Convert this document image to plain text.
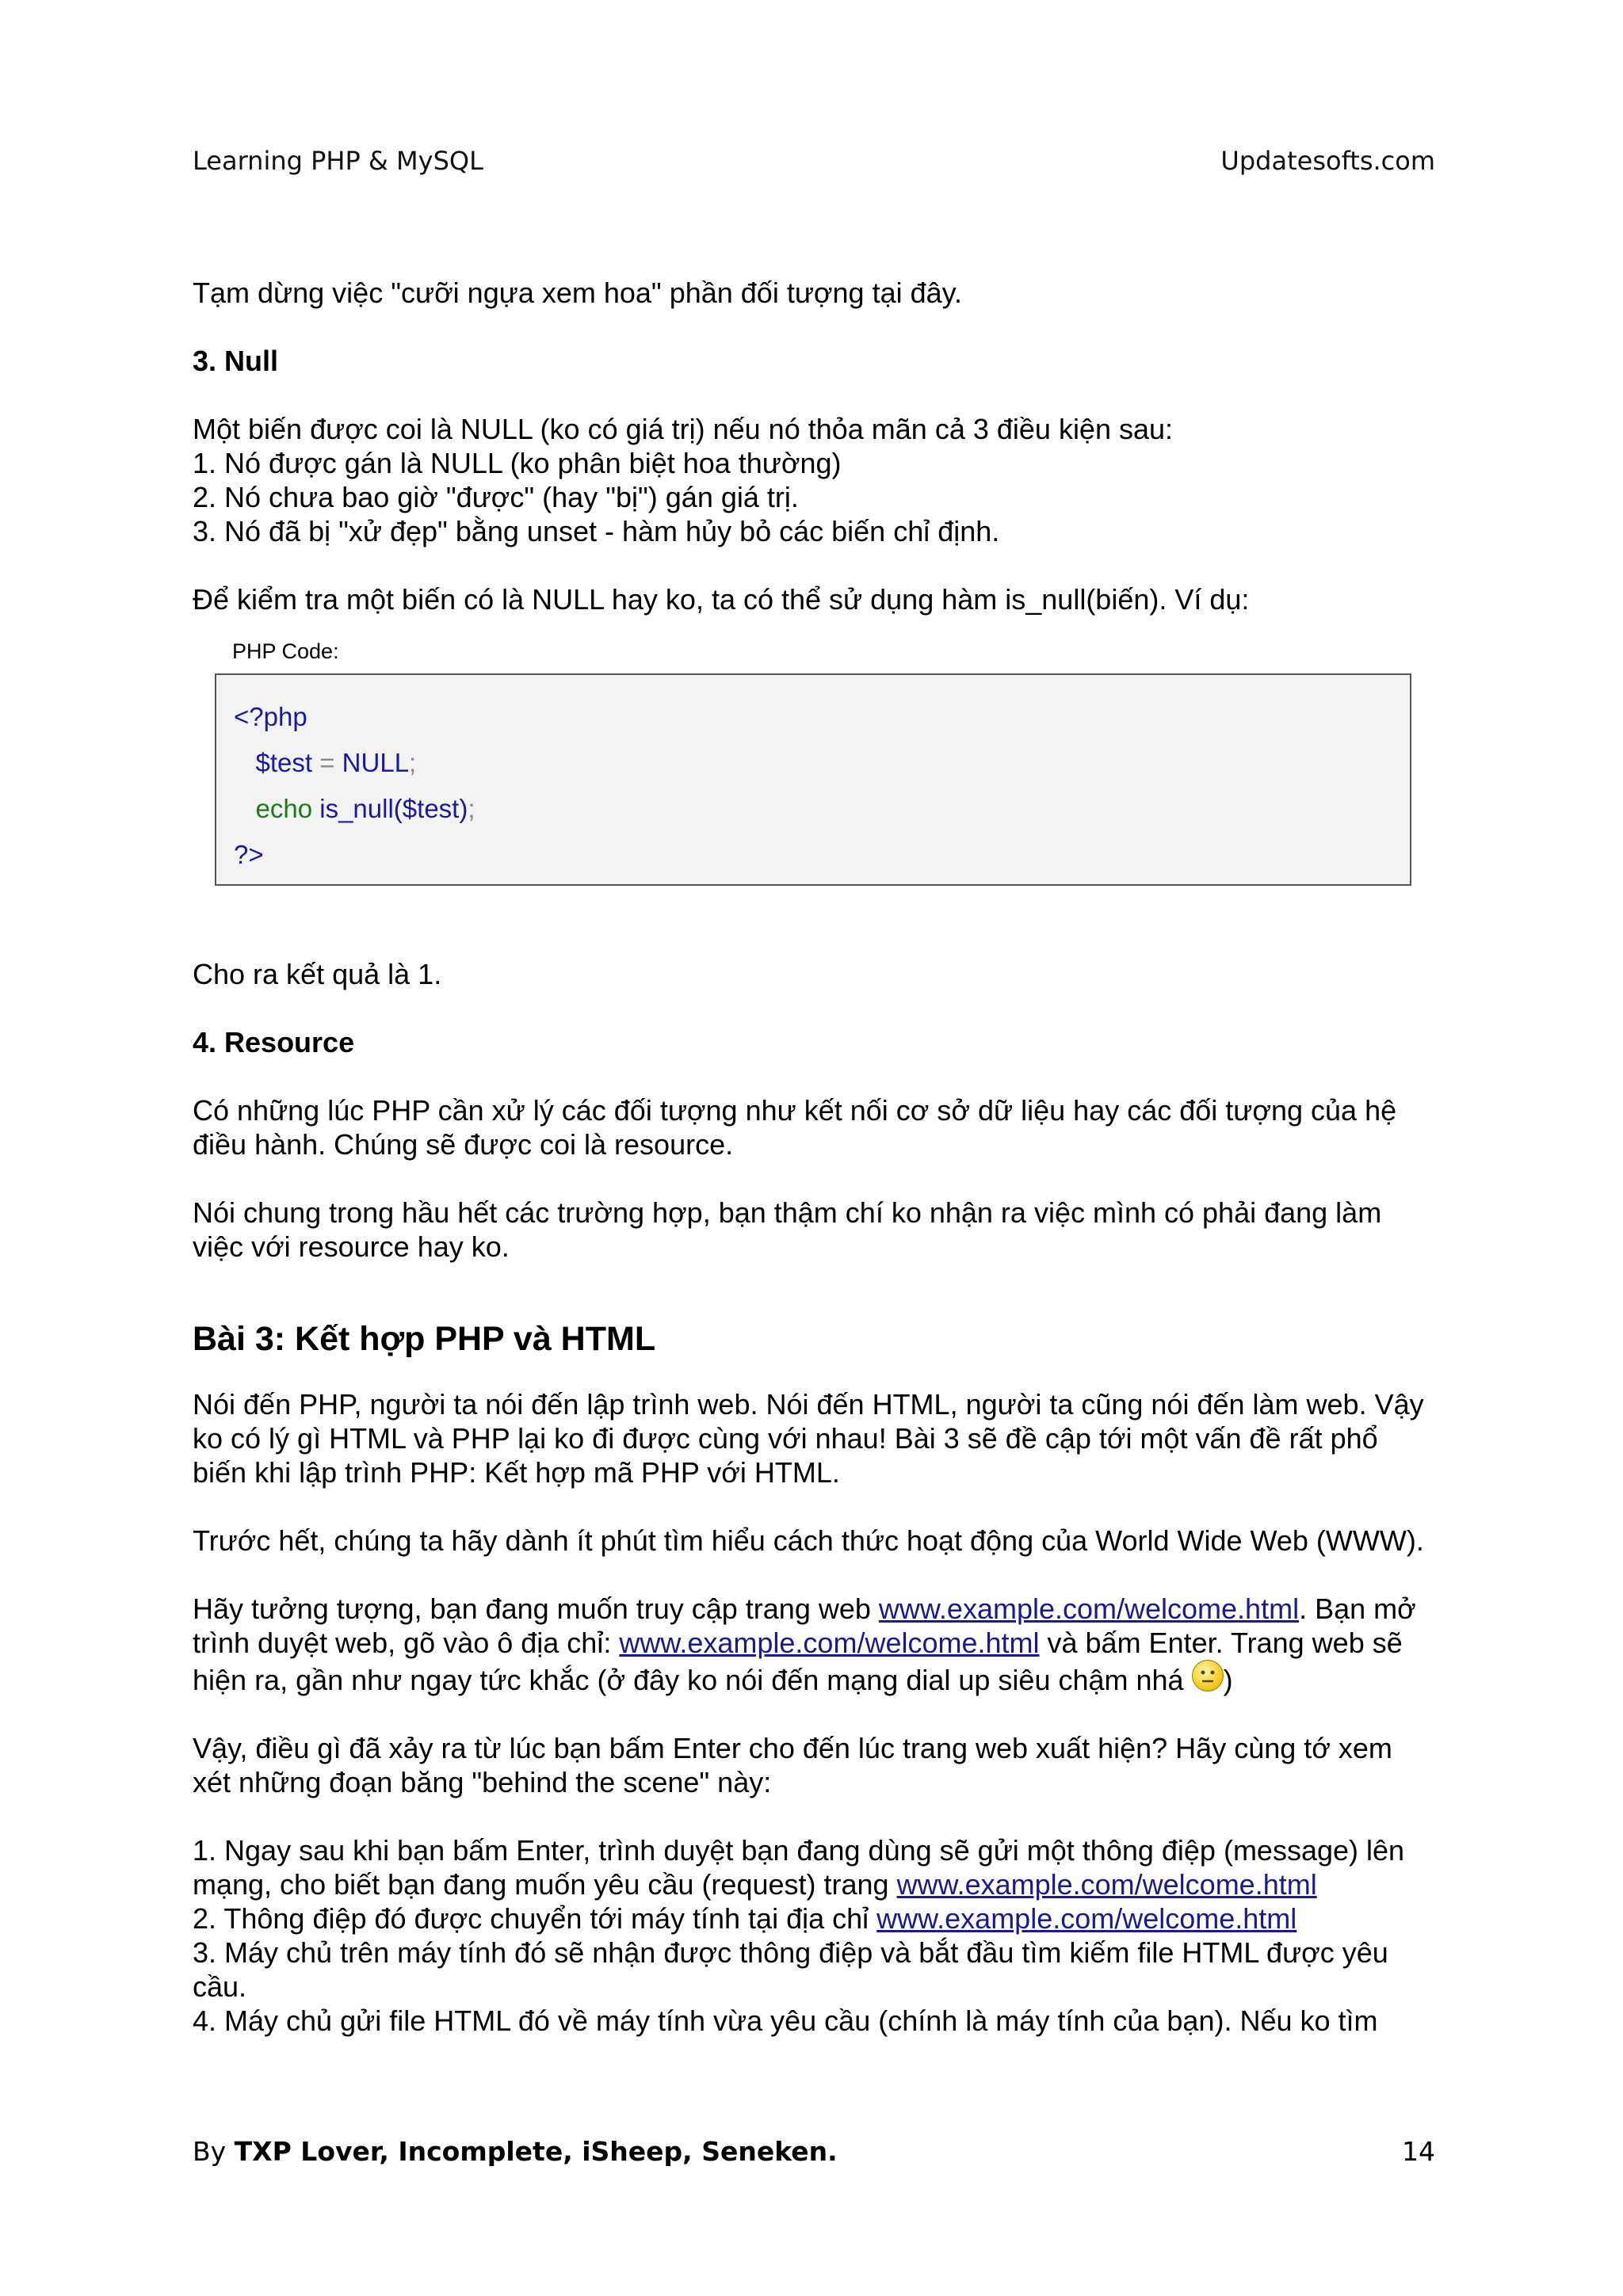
Learning PHP & MySQL	Updatesofts.com

Tạm dừng việc "cưỡi ngựa xem hoa" phần đối tượng tại đây.

3. Null

Một biến được coi là NULL (ko có giá trị) nếu nó thỏa mãn cả 3 điều kiện sau:

1. Nó được gán là NULL (ko phân biệt hoa thường)

2. Nó chưa bao giờ "được" (hay "bị") gán giá trị.

3. Nó đã bị "xử đẹp" bằng unset - hàm hủy bỏ các biến chỉ định.

Để kiểm tra một biến có là NULL hay ko, ta có thể sử dụng hàm is_null(biến). Ví dụ:

PHP Code:
<?php
$test = NULL;
echo is_null($test);
?>

Cho ra kết quả là 1.

4. Resource

Có những lúc PHP cần xử lý các đối tượng như kết nối cơ sở dữ liệu hay các đối tượng của hệ điều hành. Chúng sẽ được coi là resource.

Nói chung trong hầu hết các trường hợp, bạn thậm chí ko nhận ra việc mình có phải đang làm việc với resource hay ko.

Bài 3: Kết hợp PHP và HTML

Nói đến PHP, người ta nói đến lập trình web. Nói đến HTML, người ta cũng nói đến làm web. Vậy ko có lý gì HTML và PHP lại ko đi được cùng với nhau! Bài 3 sẽ đề cập tới một vấn đề rất phổ biến khi lập trình PHP: Kết hợp mã PHP với HTML.

Trước hết, chúng ta hãy dành ít phút tìm hiểu cách thức hoạt động của World Wide Web (WWW).

Hãy tưởng tượng, bạn đang muốn truy cập trang web www.example.com/welcome.html. Bạn mở trình duyệt web, gõ vào ô địa chỉ: www.example.com/welcome.html và bấm Enter. Trang web sẽ hiện ra, gần như ngay tức khắc (ở đây ko nói đến mạng dial up siêu chậm nhá
)

Vậy, điều gì đã xảy ra từ lúc bạn bấm Enter cho đến lúc trang web xuất hiện? Hãy cùng tớ xem xét những đoạn băng "behind the scene" này:

1. Ngay sau khi bạn bấm Enter, trình duyệt bạn đang dùng sẽ gửi một thông điệp (message) lên mạng, cho biết bạn đang muốn yêu cầu (request) trang www.example.com/welcome.html

2. Thông điệp đó được chuyển tới máy tính tại địa chỉ www.example.com/welcome.html

3. Máy chủ trên máy tính đó sẽ nhận được thông điệp và bắt đầu tìm kiếm file HTML được yêu cầu.

4. Máy chủ gửi file HTML đó về máy tính vừa yêu cầu (chính là máy tính của bạn). Nếu ko tìm

By TXP Lover, Incomplete, iSheep, Seneken.	14
